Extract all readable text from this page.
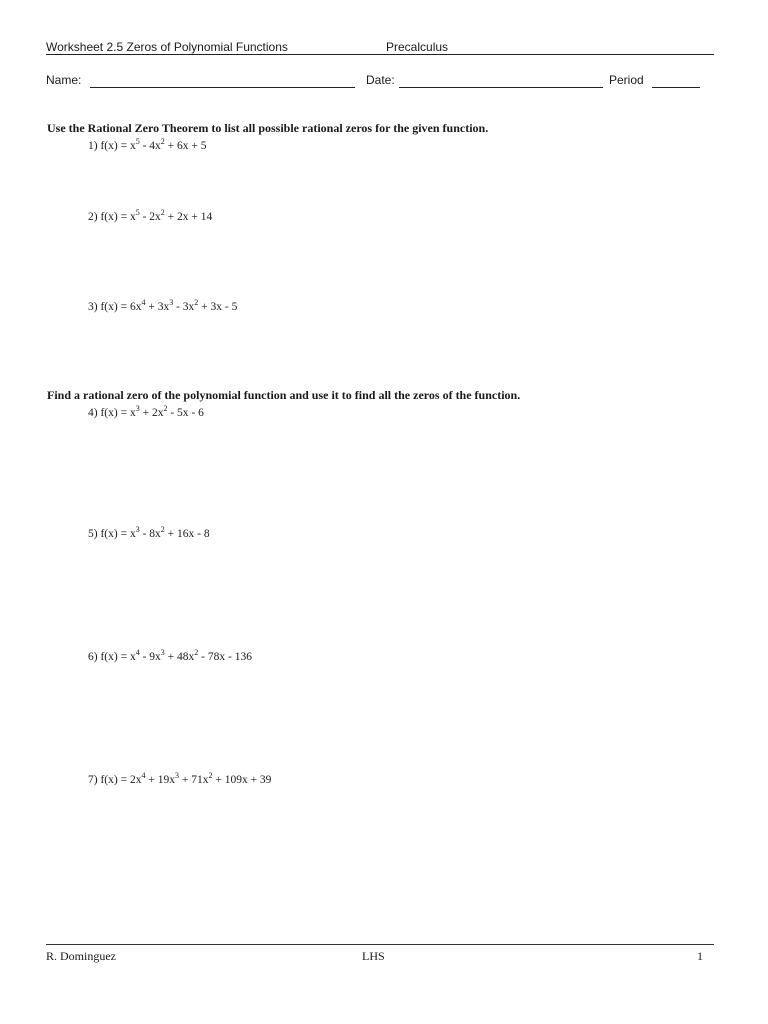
Worksheet 2.5 Zeros of Polynomial Functions	Precalculus
Name:	Date:	Period
Use the Rational Zero Theorem to list all possible rational zeros for the given function.
1) $f(x) = x^5 - 4x^2 + 6x + 5$
2) $f(x) = x^5 - 2x^2 + 2x + 14$
3) $f(x) = 6x^4 + 3x^3 - 3x^2 + 3x - 5$
Find a rational zero of the polynomial function and use it to find all the zeros of the function.
4) $f(x) = x^3 + 2x^2 - 5x - 6$
5) $f(x) = x^3 - 8x^2 + 16x - 8$
6) $f(x) = x^4 - 9x^3 + 48x^2 - 78x - 136$
7) $f(x) = 2x^4 + 19x^3 + 71x^2 + 109x + 39$
R. Dominguez	LHS	1
